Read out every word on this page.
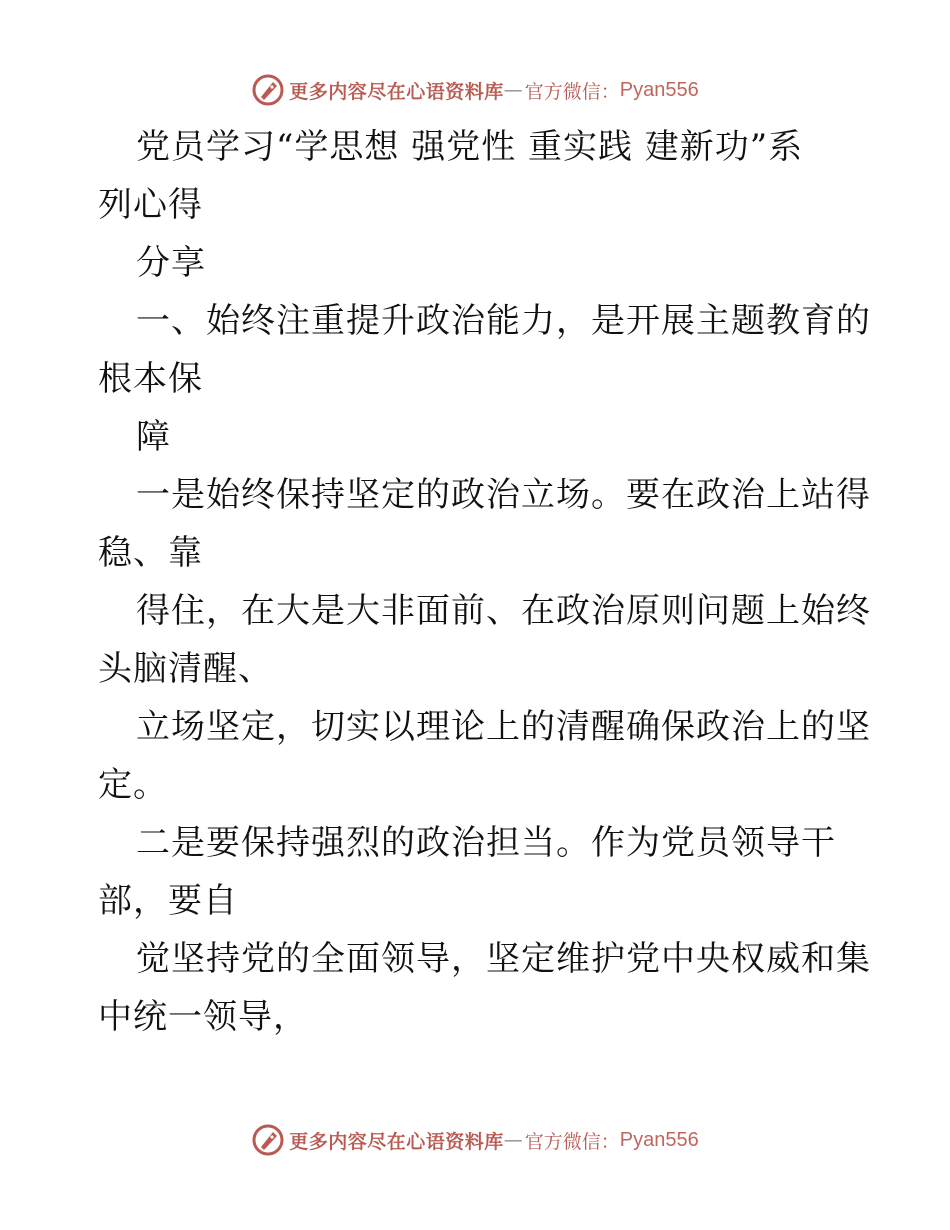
更多内容尽在心语资料库 — 官方微信 ： Pyan556
党员学习“学思想 强党性 重实践 建新功”系
列心得
分享
一、始终注重提升政治能力，是开展主题教育的
根本保
障
一是始终保持坚定的政治立场。要在政治上站得
稳、靠
得住，在大是大非面前、在政治原则问题上始终
头脑清醒、
立场坚定，切实以理论上的清醒确保政治上的坚
定。
二是要保持强烈的政治担当。作为党员领导干
部，要自
觉坚持党的全面领导，坚定维护党中央权威和集
中统一领导，
更多内容尽在心语资料库 — 官方微信 ： Pyan556
